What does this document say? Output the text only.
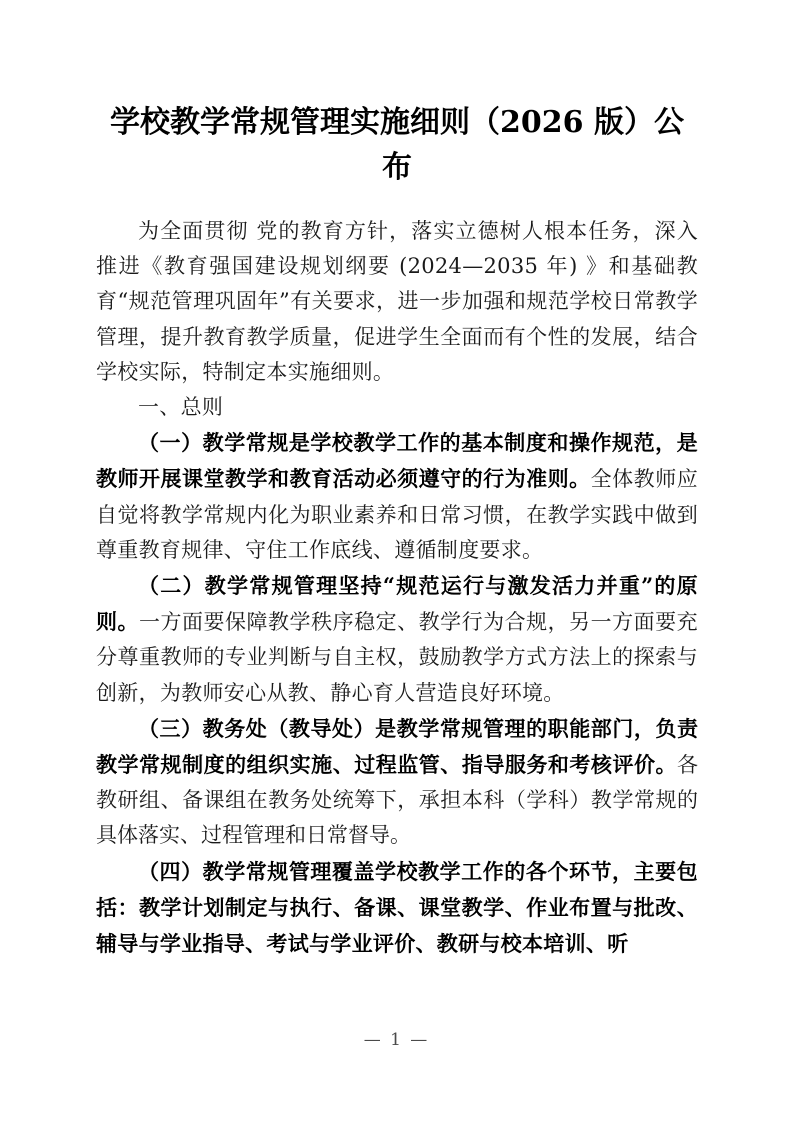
学校教学常规管理实施细则（2026 版）公布

为全面贯彻 党的教育方针，落实立德树人根本任务，深入推进《教育强国建设规划纲要 (2024—2035 年) 》和基础教育“规范管理巩固年”有关要求，进一步加强和规范学校日常教学管理，提升教育教学质量，促进学生全面而有个性的发展，结合学校实际，特制定本实施细则。

一、总则

（一）教学常规是学校教学工作的基本制度和操作规范，是教师开展课堂教学和教育活动必须遵守的行为准则。全体教师应自觉将教学常规内化为职业素养和日常习惯，在教学实践中做到尊重教育规律、守住工作底线、遵循制度要求。

（二）教学常规管理坚持“规范运行与激发活力并重”的原则。一方面要保障教学秩序稳定、教学行为合规，另一方面要充分尊重教师的专业判断与自主权，鼓励教学方式方法上的探索与创新，为教师安心从教、静心育人营造良好环境。

（三）教务处（教导处）是教学常规管理的职能部门，负责教学常规制度的组织实施、过程监管、指导服务和考核评价。各教研组、备课组在教务处统筹下，承担本科（学科）教学常规的具体落实、过程管理和日常督导。

（四）教学常规管理覆盖学校教学工作的各个环节，主要包括：教学计划制定与执行、备课、课堂教学、作业布置与批改、辅导与学业指导、考试与学业评价、教研与校本培训、听

— 1 —
